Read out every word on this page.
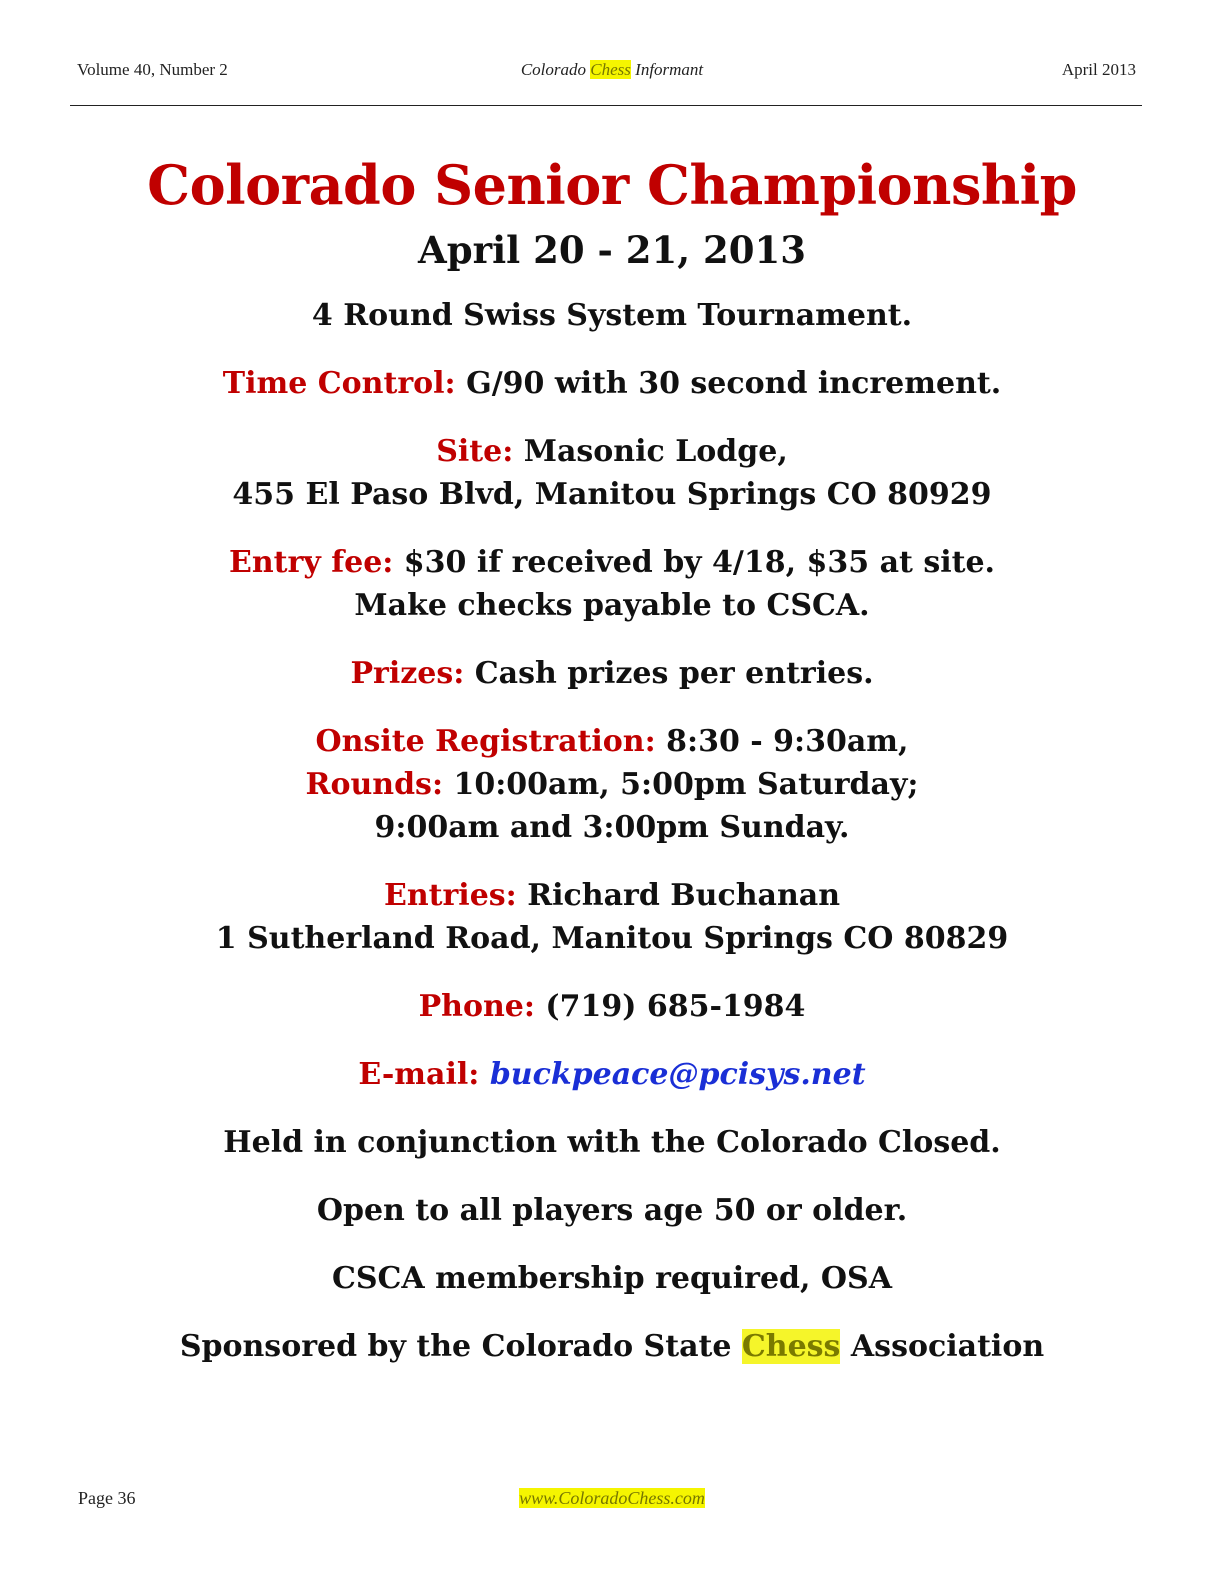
Volume 40, Number 2	Colorado Chess Informant	April 2013
Colorado Senior Championship
April 20 - 21, 2013

4 Round Swiss System Tournament.

Time Control: G/90 with 30 second increment.

Site: Masonic Lodge,
455 El Paso Blvd, Manitou Springs CO 80929

Entry fee: $30 if received by 4/18, $35 at site.
Make checks payable to CSCA.

Prizes: Cash prizes per entries.

Onsite Registration: 8:30 - 9:30am,
Rounds: 10:00am, 5:00pm Saturday;
9:00am and 3:00pm Sunday.

Entries: Richard Buchanan
1 Sutherland Road, Manitou Springs CO 80829

Phone: (719) 685-1984

E-mail: buckpeace@pcisys.net

Held in conjunction with the Colorado Closed.

Open to all players age 50 or older.

CSCA membership required, OSA

Sponsored by the Colorado State Chess Association

Page 36	www.ColoradoChess.com
